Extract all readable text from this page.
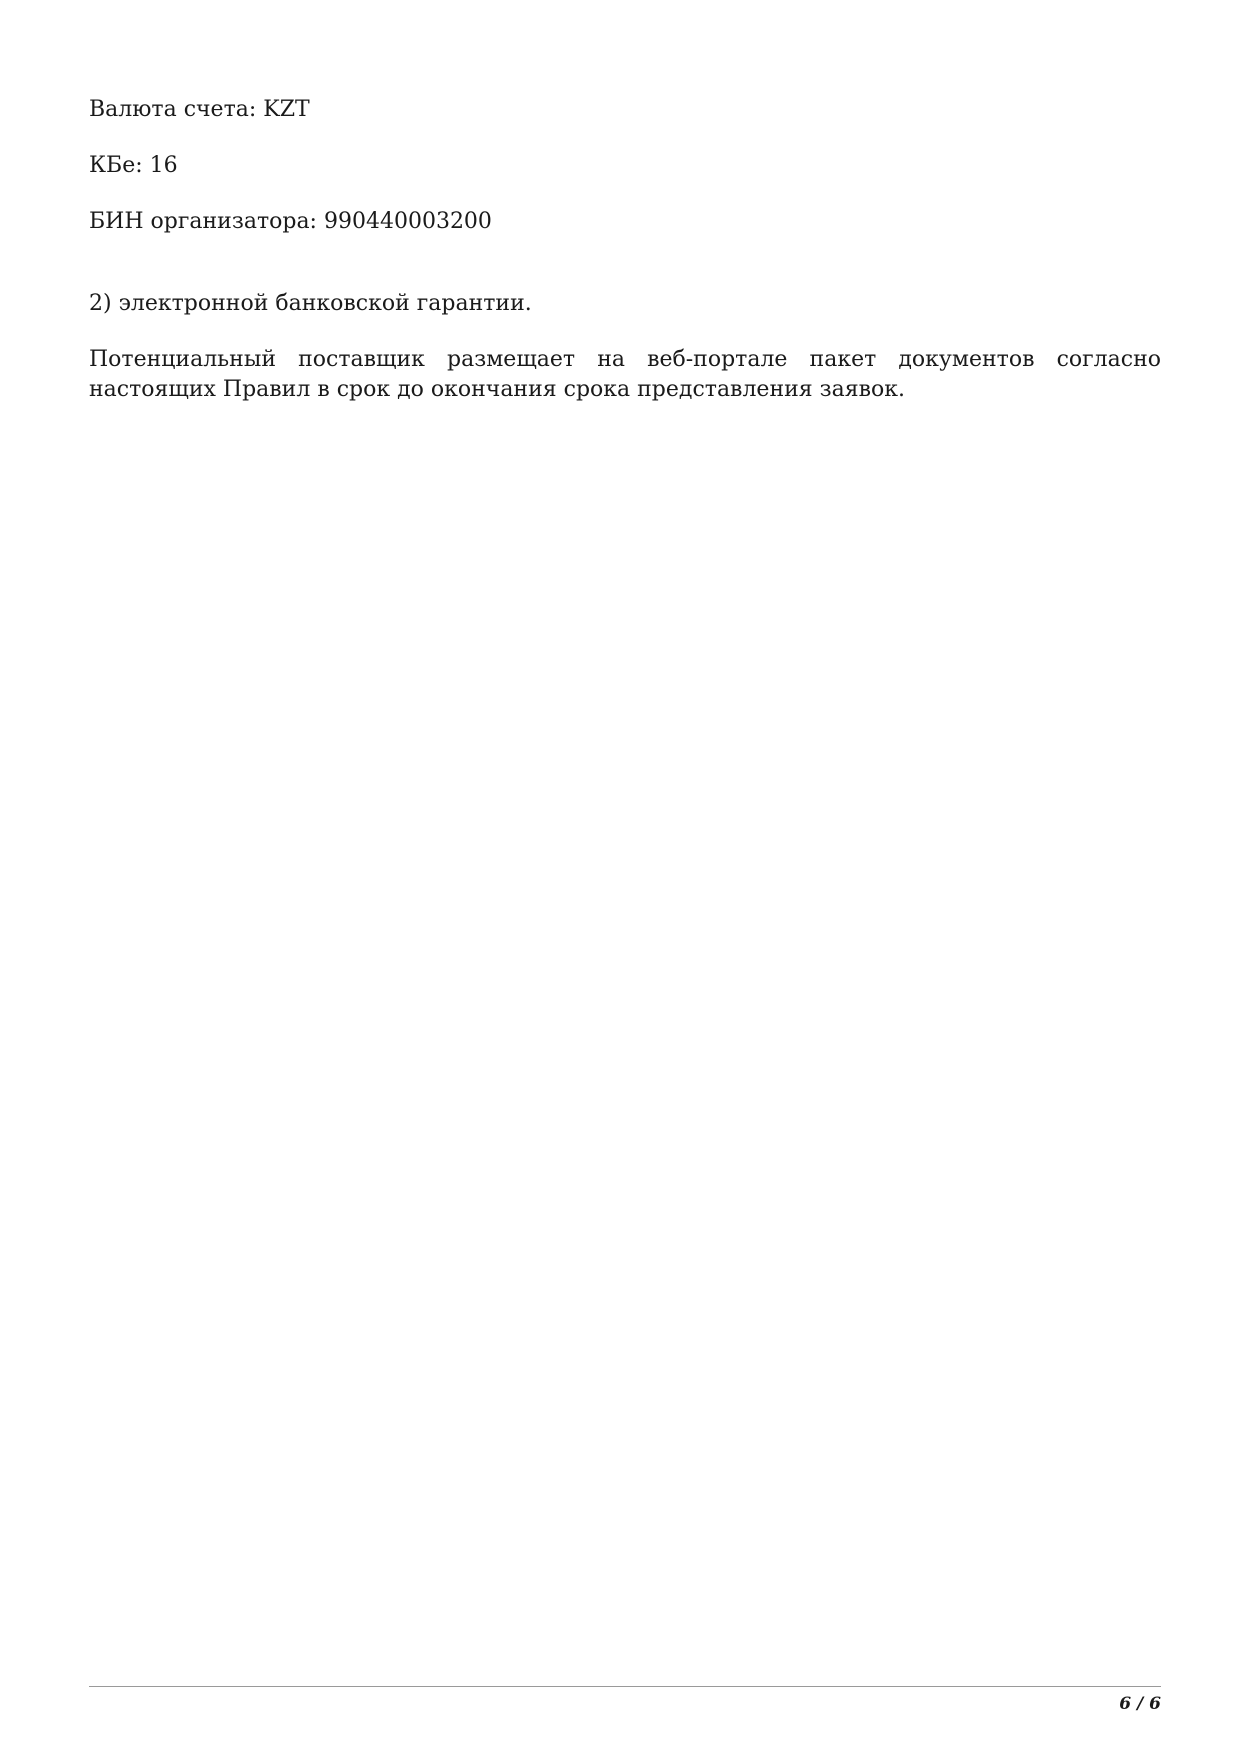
Валюта счета: KZT

КБе: 16

БИН организатора: 990440003200

2) электронной банковской гарантии.

Потенциальный поставщик размещает на веб-портале пакет документов согласно настоящих Правил в срок до окончания срока представления заявок.

6 / 6
